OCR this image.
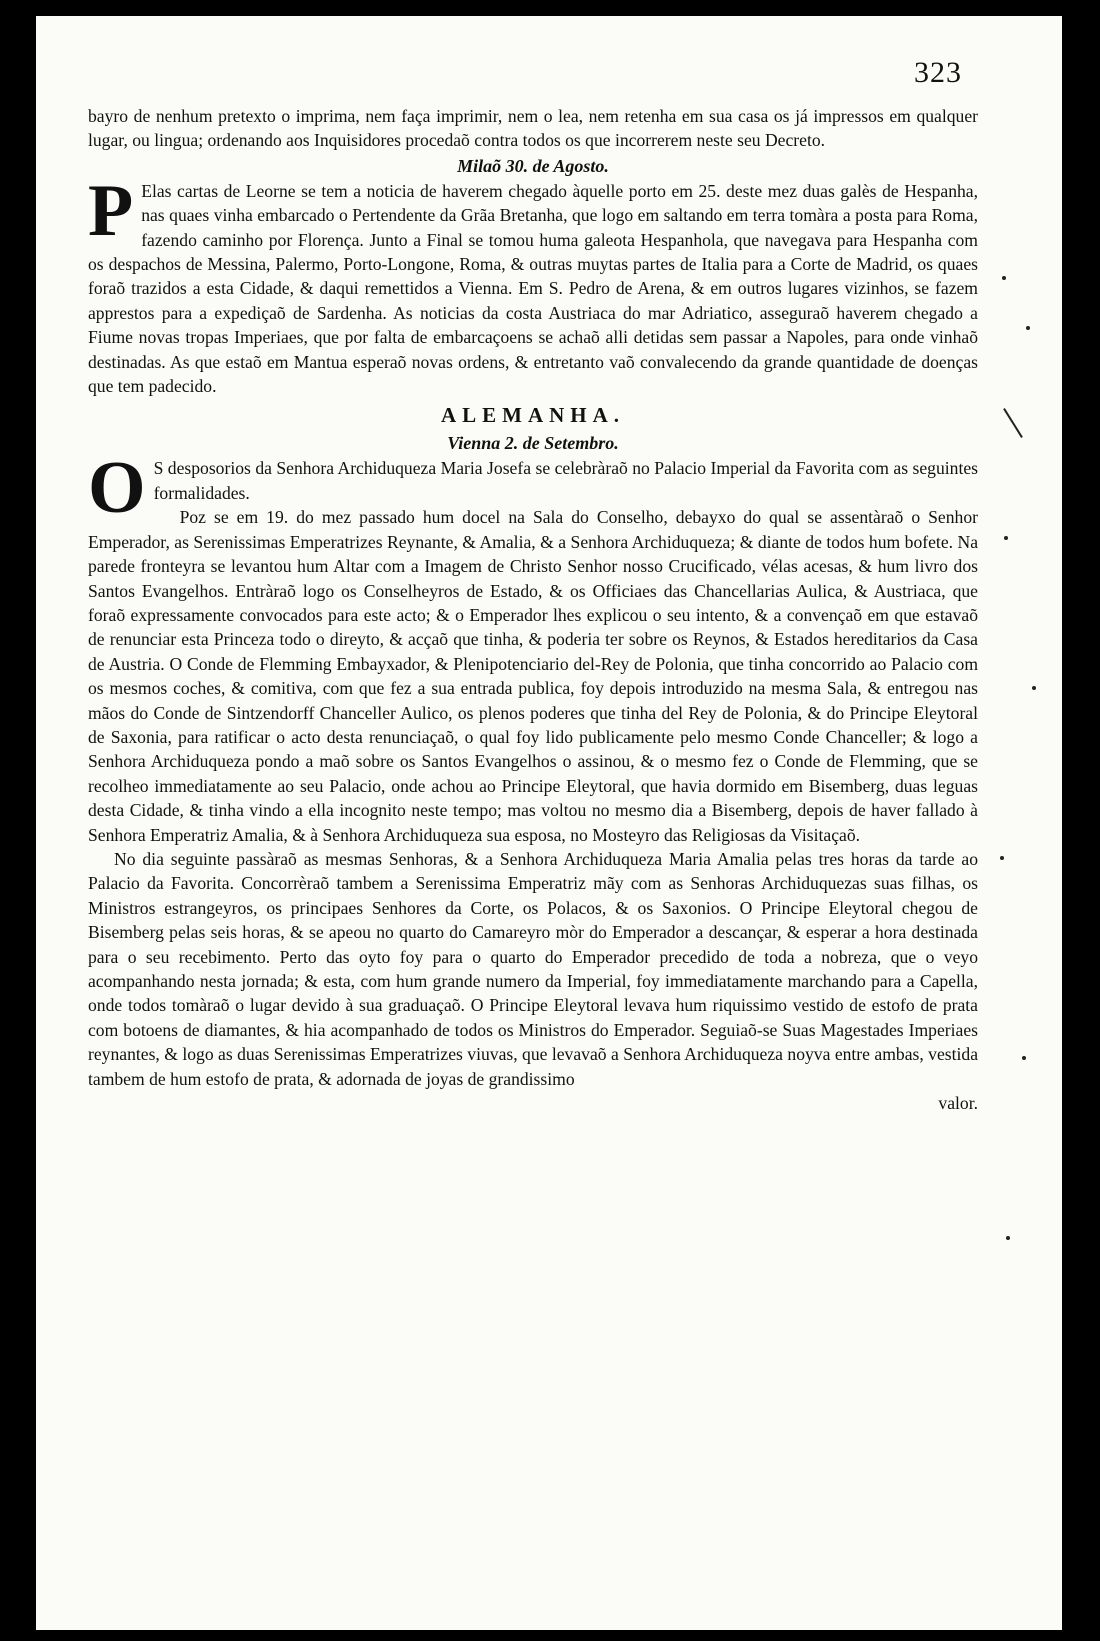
323

bayro de nenhum pretexto o imprima, nem faça imprimir, nem o lea, nem retenha em sua casa os já impressos em qualquer lugar, ou lingua; ordenando aos Inquisidores procedaõ contra todos os que incorrerem neste seu Decreto.

Milaõ 30. de Agosto.

P Elas cartas de Leorne se tem a noticia de haverem chegado àquelle porto em 25. deste mez duas galès de Hespanha, nas quaes vinha embarcado o Pertendente da Grãa Bretanha, que logo em saltando em terra tomàra a posta para Roma, fazendo caminho por Florença. Junto a Final se tomou huma galeota Hespanhola, que navegava para Hespanha com os despachos de Messina, Palermo, Porto-Longone, Roma, & outras muytas partes de Italia para a Corte de Madrid, os quaes foraõ trazidos a esta Cidade, & daqui remettidos a Vienna. Em S. Pedro de Arena, & em outros lugares vizinhos, se fazem apprestos para a expediçaõ de Sardenha. As noticias da costa Austriaca do mar Adriatico, asseguraõ haverem chegado a Fiume novas tropas Imperiaes, que por falta de embarcaçoens se achaõ alli detidas sem passar a Napoles, para onde vinhaõ destinadas. As que estaõ em Mantua esperaõ novas ordens, & entretanto vaõ convalecendo da grande quantidade de doenças que tem padecido.

ALEMANHA.
Vienna 2. de Setembro.

O S desposorios da Senhora Archiduqueza Maria Josefa se celebràraõ no Palacio Imperial da Favorita com as seguintes formalidades.

Poz se em 19. do mez passado hum docel na Sala do Conselho, debayxo do qual se assentàraõ o Senhor Emperador, as Serenissimas Emperatrizes Reynante, & Amalia, & a Senhora Archiduqueza; & diante de todos hum bofete. Na parede fronteyra se levantou hum Altar com a Imagem de Christo Senhor nosso Crucificado, vélas acesas, & hum livro dos Santos Evangelhos. Entràraõ logo os Conselheyros de Estado, & os Officiaes das Chancellarias Aulica, & Austriaca, que foraõ expressamente convocados para este acto; & o Emperador lhes explicou o seu intento, & a convençaõ em que estavaõ de renunciar esta Princeza todo o direyto, & acçaõ que tinha, & poderia ter sobre os Reynos, & Estados hereditarios da Casa de Austria. O Conde de Flemming Embayxador, & Plenipotenciario del-Rey de Polonia, que tinha concorrido ao Palacio com os mesmos coches, & comitiva, com que fez a sua entrada publica, foy depois introduzido na mesma Sala, & entregou nas mãos do Conde de Sintzendorff Chanceller Aulico, os plenos poderes que tinha del Rey de Polonia, & do Principe Eleytoral de Saxonia, para ratificar o acto desta renunciaçaõ, o qual foy lido publicamente pelo mesmo Conde Chanceller; & logo a Senhora Archiduqueza pondo a maõ sobre os Santos Evangelhos o assinou, & o mesmo fez o Conde de Flemming, que se recolheo immediatamente ao seu Palacio, onde achou ao Principe Eleytoral, que havia dormido em Bisemberg, duas leguas desta Cidade, & tinha vindo a ella incognito neste tempo; mas voltou no mesmo dia a Bisemberg, depois de haver fallado à Senhora Emperatriz Amalia, & à Senhora Archiduqueza sua esposa, no Mosteyro das Religiosas da Visitaçaõ.

No dia seguinte passàraõ as mesmas Senhoras, & a Senhora Archiduqueza Maria Amalia pelas tres horas da tarde ao Palacio da Favorita. Concorrèraõ tambem a Serenissima Emperatriz mãy com as Senhoras Archiduquezas suas filhas, os Ministros estrangeyros, os principaes Senhores da Corte, os Polacos, & os Saxonios. O Principe Eleytoral chegou de Bisemberg pelas seis horas, & se apeou no quarto do Camareyro mòr do Emperador a descançar, & esperar a hora destinada para o seu recebimento. Perto das oyto foy para o quarto do Emperador precedido de toda a nobreza, que o veyo acompanhando nesta jornada; & esta, com hum grande numero da Imperial, foy immediatamente marchando para a Capella, onde todos tomàraõ o lugar devido à sua graduaçaõ. O Principe Eleytoral levava hum riquissimo vestido de estofo de prata com botoens de diamantes, & hia acompanhado de todos os Ministros do Emperador. Seguiaõ-se Suas Magestades Imperiaes reynantes, & logo as duas Serenissimas Emperatrizes viuvas, que levavaõ a Senhora Archiduqueza noyva entre ambas, vestida tambem de hum estofo de prata, & adornada de joyas de grandissimo

valor.
